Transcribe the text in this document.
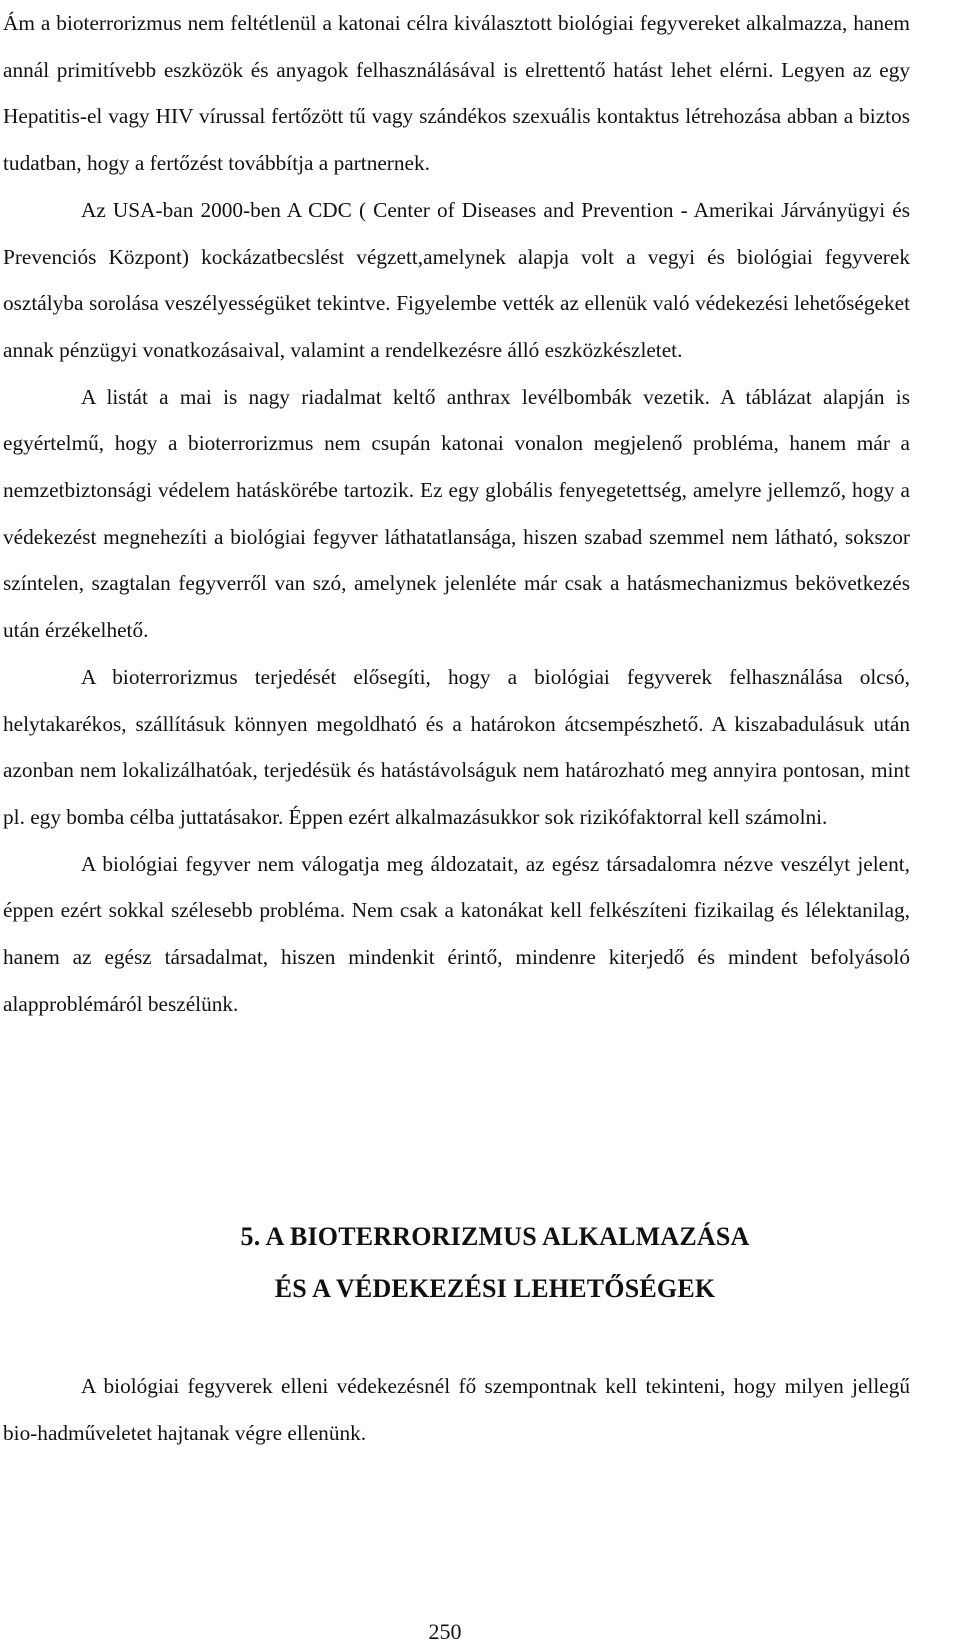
Ám a bioterrorizmus nem feltétlenül a katonai célra kiválasztott biológiai fegyvereket alkalmazza, hanem annál primitívebb eszközök és anyagok felhasználásával is elrettentő hatást lehet elérni. Legyen az egy Hepatitis-el vagy HIV vírussal fertőzött tű vagy szándékos szexuális kontaktus létrehozása abban a biztos tudatban, hogy a fertőzést továbbítja a partnernek.

Az USA-ban 2000-ben A CDC ( Center of Diseases and Prevention - Amerikai Járványügyi és Prevenciós Központ) kockázatbecslést végzett,amelynek alapja volt a vegyi és biológiai fegyverek osztályba sorolása veszélyességüket tekintve. Figyelembe vették az ellenük való védekezési lehetőségeket annak pénzügyi vonatkozásaival, valamint a rendelkezésre álló eszközkészletet.

A listát a mai is nagy riadalmat keltő anthrax levélbombák vezetik. A táblázat alapján is egyértelmű, hogy a bioterrorizmus nem csupán katonai vonalon megjelenő probléma, hanem már a nemzetbiztonsági védelem hatáskörébe tartozik. Ez egy globális fenyegetettség, amelyre jellemző, hogy a védekezést megnehezíti a biológiai fegyver láthatatlansága, hiszen szabad szemmel nem látható, sokszor színtelen, szagtalan fegyverről van szó, amelynek jelenléte már csak a hatásmechanizmus bekövetkezés után érzékelhető.

A bioterrorizmus terjedését elősegíti, hogy a biológiai fegyverek felhasználása olcsó, helytakarékos, szállításuk könnyen megoldható és a határokon átcsempészhető. A kiszabadulásuk után azonban nem lokalizálhatóak, terjedésük és hatástávolságuk nem határozható meg annyira pontosan, mint pl. egy bomba célba juttatásakor. Éppen ezért alkalmazásukkor sok rizikófaktorral kell számolni.

A biológiai fegyver nem válogatja meg áldozatait, az egész társadalomra nézve veszélyt jelent, éppen ezért sokkal szélesebb probléma. Nem csak a katonákat kell felkészíteni fizikailag és lélektanilag, hanem az egész társadalmat, hiszen mindenkit érintő, mindenre kiterjedő és mindent befolyásoló alapproblémáról beszélünk.

5. A BIOTERRORIZMUS ALKALMAZÁSA
ÉS A VÉDEKEZÉSI LEHETŐSÉGEK

A biológiai fegyverek elleni védekezésnél fő szempontnak kell tekinteni, hogy milyen jellegű bio-hadműveletet hajtanak végre ellenünk.

250
